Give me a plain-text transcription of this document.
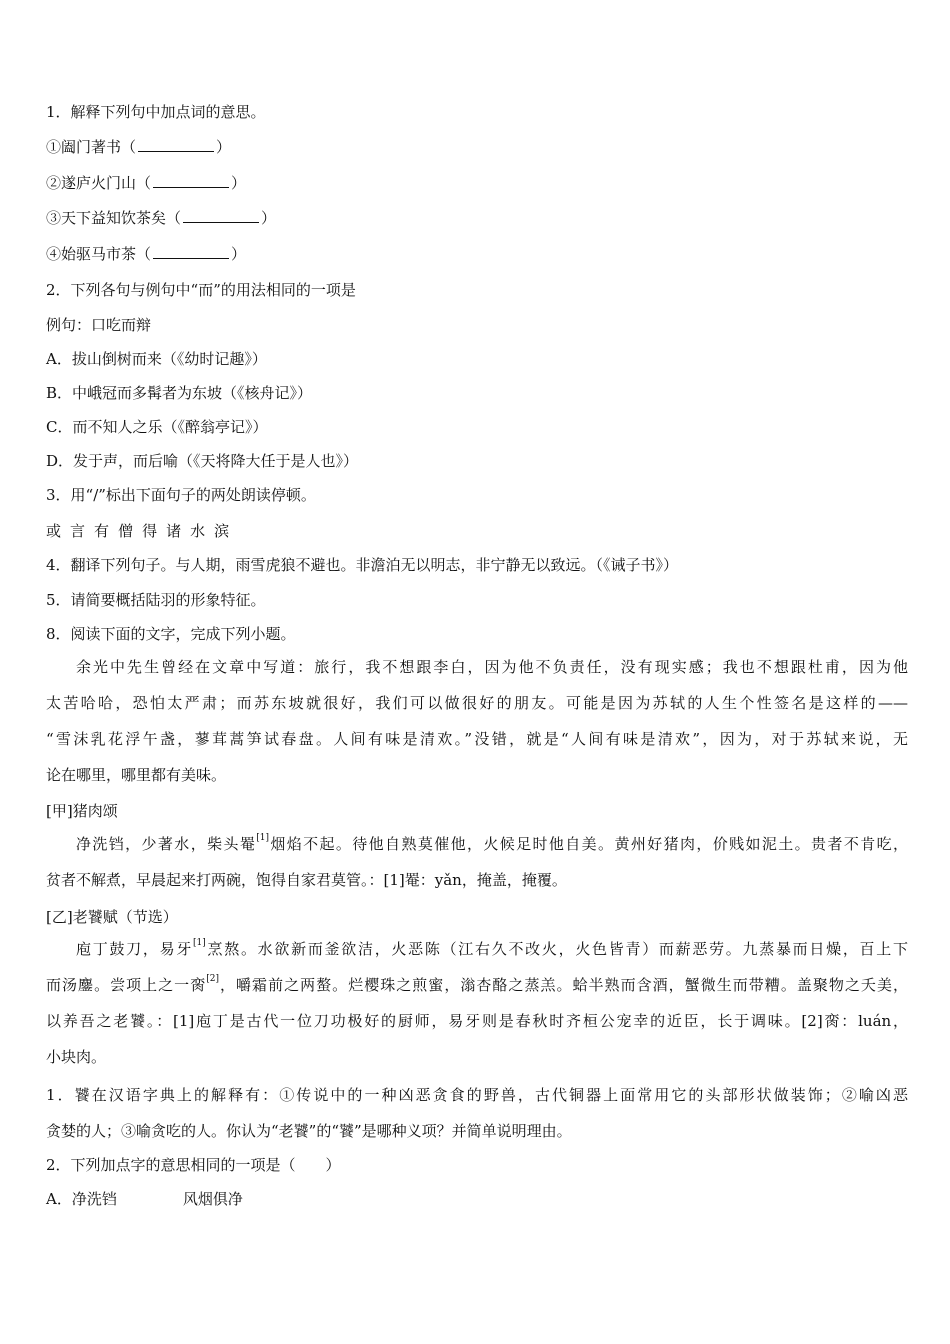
1．解释下列句中加点词的意思。
①阖门著书（	）
②遂庐火门山（	）
③天下益知饮茶矣（	）
④始驱马市茶（	）
2．下列各句与例句中“而”的用法相同的一项是
例句：口吃而辩
A．拔山倒树而来（《幼时记趣》）
B．中峨冠而多髯者为东坡（《核舟记》）
C．而不知人之乐（《醉翁亭记》）
D．发于声，而后喻（《天将降大任于是人也》）
3．用“/”标出下面句子的两处朗读停顿。
或 言 有 僧 得 诸 水 滨
4．翻译下列句子。与人期，雨雪虎狼不避也。非澹泊无以明志，非宁静无以致远。（《诫子书》）
5．请简要概括陆羽的形象特征。
8．阅读下面的文字，完成下列小题。
余光中先生曾经在文章中写道：旅行，我不想跟李白，因为他不负责任，没有现实感；我也不想跟杜甫，因为他
太苦哈哈，恐怕太严肃；而苏东坡就很好，我们可以做很好的朋友。可能是因为苏轼的人生个性签名是这样的——
“雪沫乳花浮午盏，蓼茸蒿笋试春盘。人间有味是清欢。”没错，就是“人间有味是清欢”，因为，对于苏轼来说，无
论在哪里，哪里都有美味。
[甲]猪肉颂
净洗铛，少著水，柴头罨[1]烟焰不起。待他自熟莫催他，火候足时他自美。黄州好猪肉，价贱如泥土。贵者不肯吃，
贫者不解煮，早晨起来打两碗，饱得自家君莫管。：[1]罨：yǎn，掩盖，掩覆。
[乙]老饕赋（节选）
庖丁鼓刀，易牙[1]烹熬。水欲新而釜欲洁，火恶陈（江右久不改火，火色皆青）而薪恶劳。九蒸暴而日燥，百上下
而汤鏖。尝项上之一脔[2]，嚼霜前之两螯。烂樱珠之煎蜜，滃杏酪之蒸羔。蛤半熟而含酒，蟹微生而带糟。盖聚物之夭美，
以养吾之老饕。：[1]庖丁是古代一位刀功极好的厨师，易牙则是春秋时齐桓公宠幸的近臣，长于调味。[2]脔：luán，
小块肉。
1．饕在汉语字典上的解释有：①传说中的一种凶恶贪食的野兽，古代铜器上面常用它的头部形状做装饰；②喻凶恶
贪婪的人；③喻贪吃的人。你认为“老饕”的“饕”是哪种义项？并简单说明理由。
2．下列加点字的意思相同的一项是（　　）
A．净洗铛	风烟俱净
